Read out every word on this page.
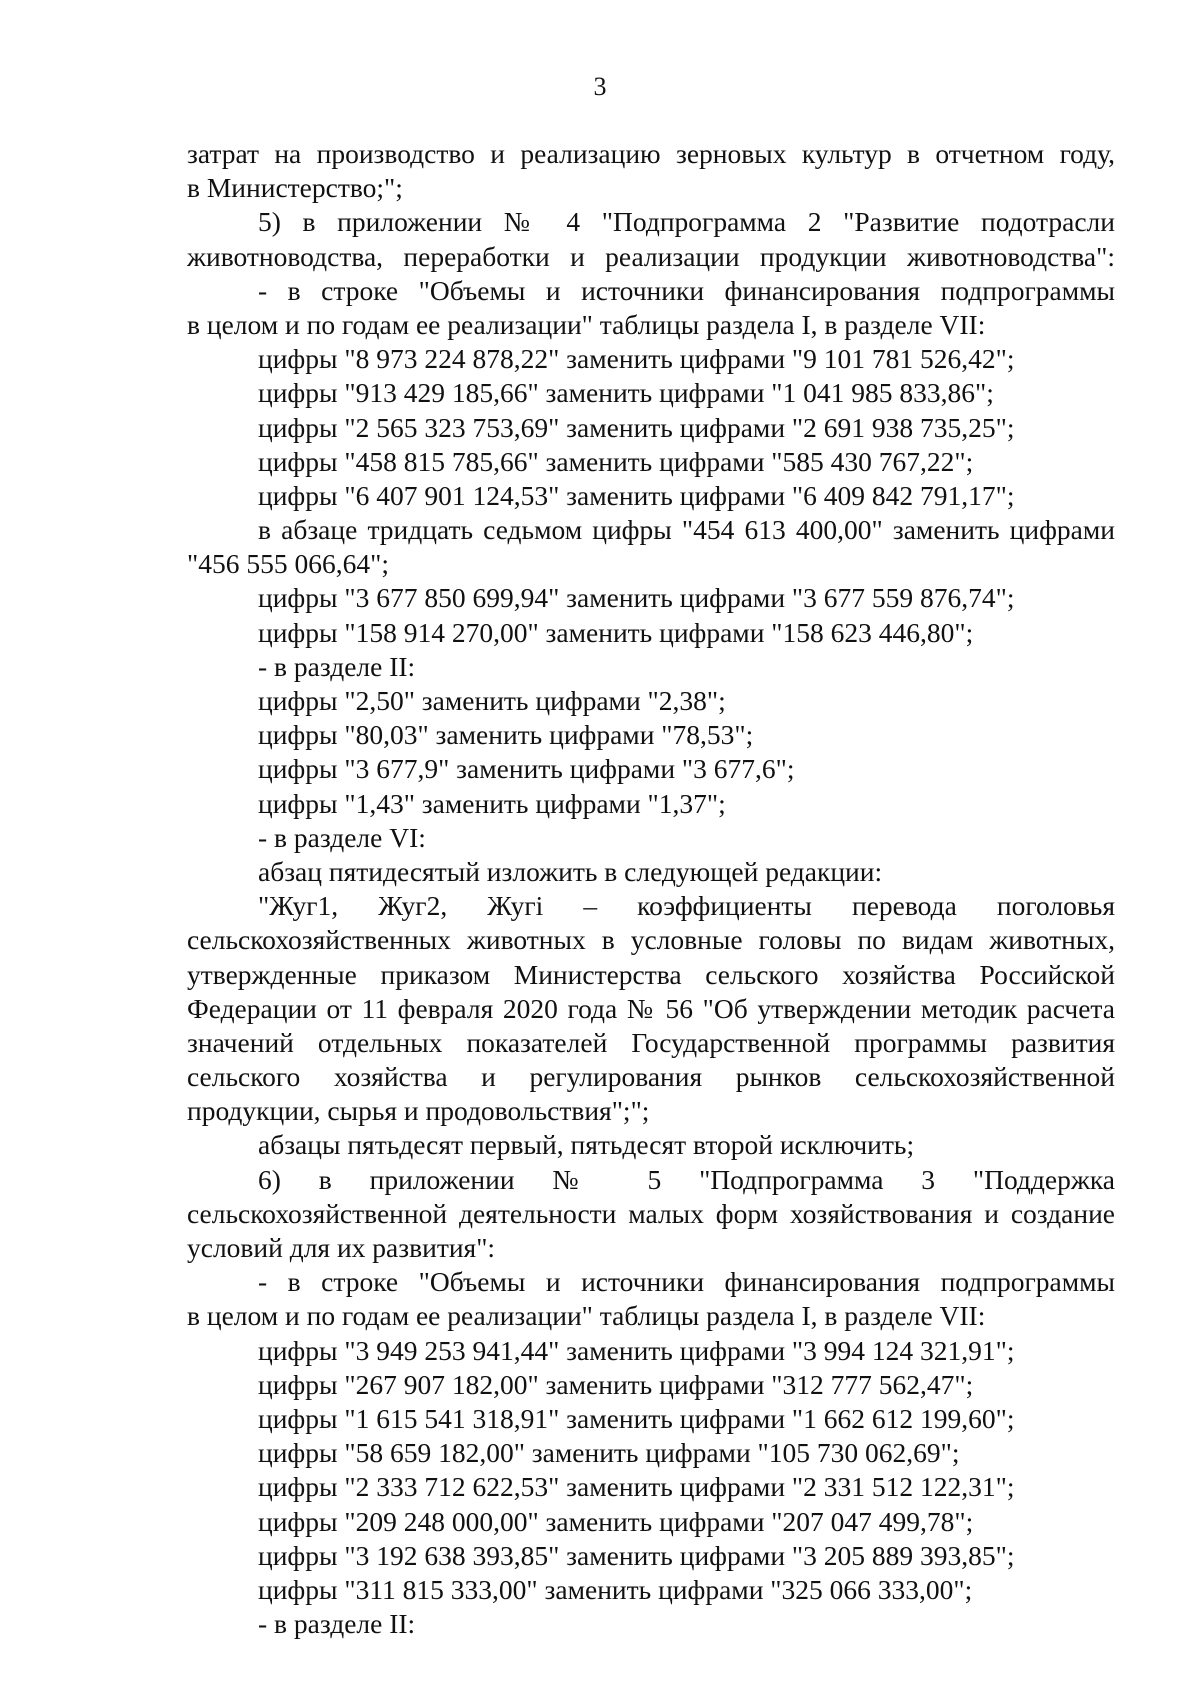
3
затрат на производство и реализацию зерновых культур в отчетном году,
в Министерство;";
5) в приложении № 4 "Подпрограмма 2 "Развитие подотрасли
животноводства, переработки и реализации продукции животноводства":
- в строке "Объемы и источники финансирования подпрограммы
в целом и по годам ее реализации" таблицы раздела I, в разделе VII:
цифры "8 973 224 878,22" заменить цифрами "9 101 781 526,42";
цифры "913 429 185,66" заменить цифрами "1 041 985 833,86";
цифры "2 565 323 753,69" заменить цифрами "2 691 938 735,25";
цифры "458 815 785,66" заменить цифрами "585 430 767,22";
цифры "6 407 901 124,53" заменить цифрами "6 409 842 791,17";
в абзаце тридцать седьмом цифры "454 613 400,00" заменить цифрами
"456 555 066,64";
цифры "3 677 850 699,94" заменить цифрами "3 677 559 876,74";
цифры "158 914 270,00" заменить цифрами "158 623 446,80";
- в разделе II:
цифры "2,50" заменить цифрами "2,38";
цифры "80,03" заменить цифрами "78,53";
цифры "3 677,9" заменить цифрами "3 677,6";
цифры "1,43" заменить цифрами "1,37";
- в разделе VI:
абзац пятидесятый изложить в следующей редакции:
"Жуг1, Жуг2, Жугi – коэффициенты перевода поголовья
сельскохозяйственных животных в условные головы по видам животных,
утвержденные приказом Министерства сельского хозяйства Российской
Федерации от 11 февраля 2020 года № 56 "Об утверждении методик расчета
значений отдельных показателей Государственной программы развития
сельского хозяйства и регулирования рынков сельскохозяйственной
продукции, сырья и продовольствия";";
абзацы пятьдесят первый, пятьдесят второй исключить;
6) в приложении № 5 "Подпрограмма 3 "Поддержка
сельскохозяйственной деятельности малых форм хозяйствования и создание
условий для их развития":
- в строке "Объемы и источники финансирования подпрограммы
в целом и по годам ее реализации" таблицы раздела I, в разделе VII:
цифры "3 949 253 941,44" заменить цифрами "3 994 124 321,91";
цифры "267 907 182,00" заменить цифрами "312 777 562,47";
цифры "1 615 541 318,91" заменить цифрами "1 662 612 199,60";
цифры "58 659 182,00" заменить цифрами "105 730 062,69";
цифры "2 333 712 622,53" заменить цифрами "2 331 512 122,31";
цифры "209 248 000,00" заменить цифрами "207 047 499,78";
цифры "3 192 638 393,85" заменить цифрами "3 205 889 393,85";
цифры "311 815 333,00" заменить цифрами "325 066 333,00";
- в разделе II:
